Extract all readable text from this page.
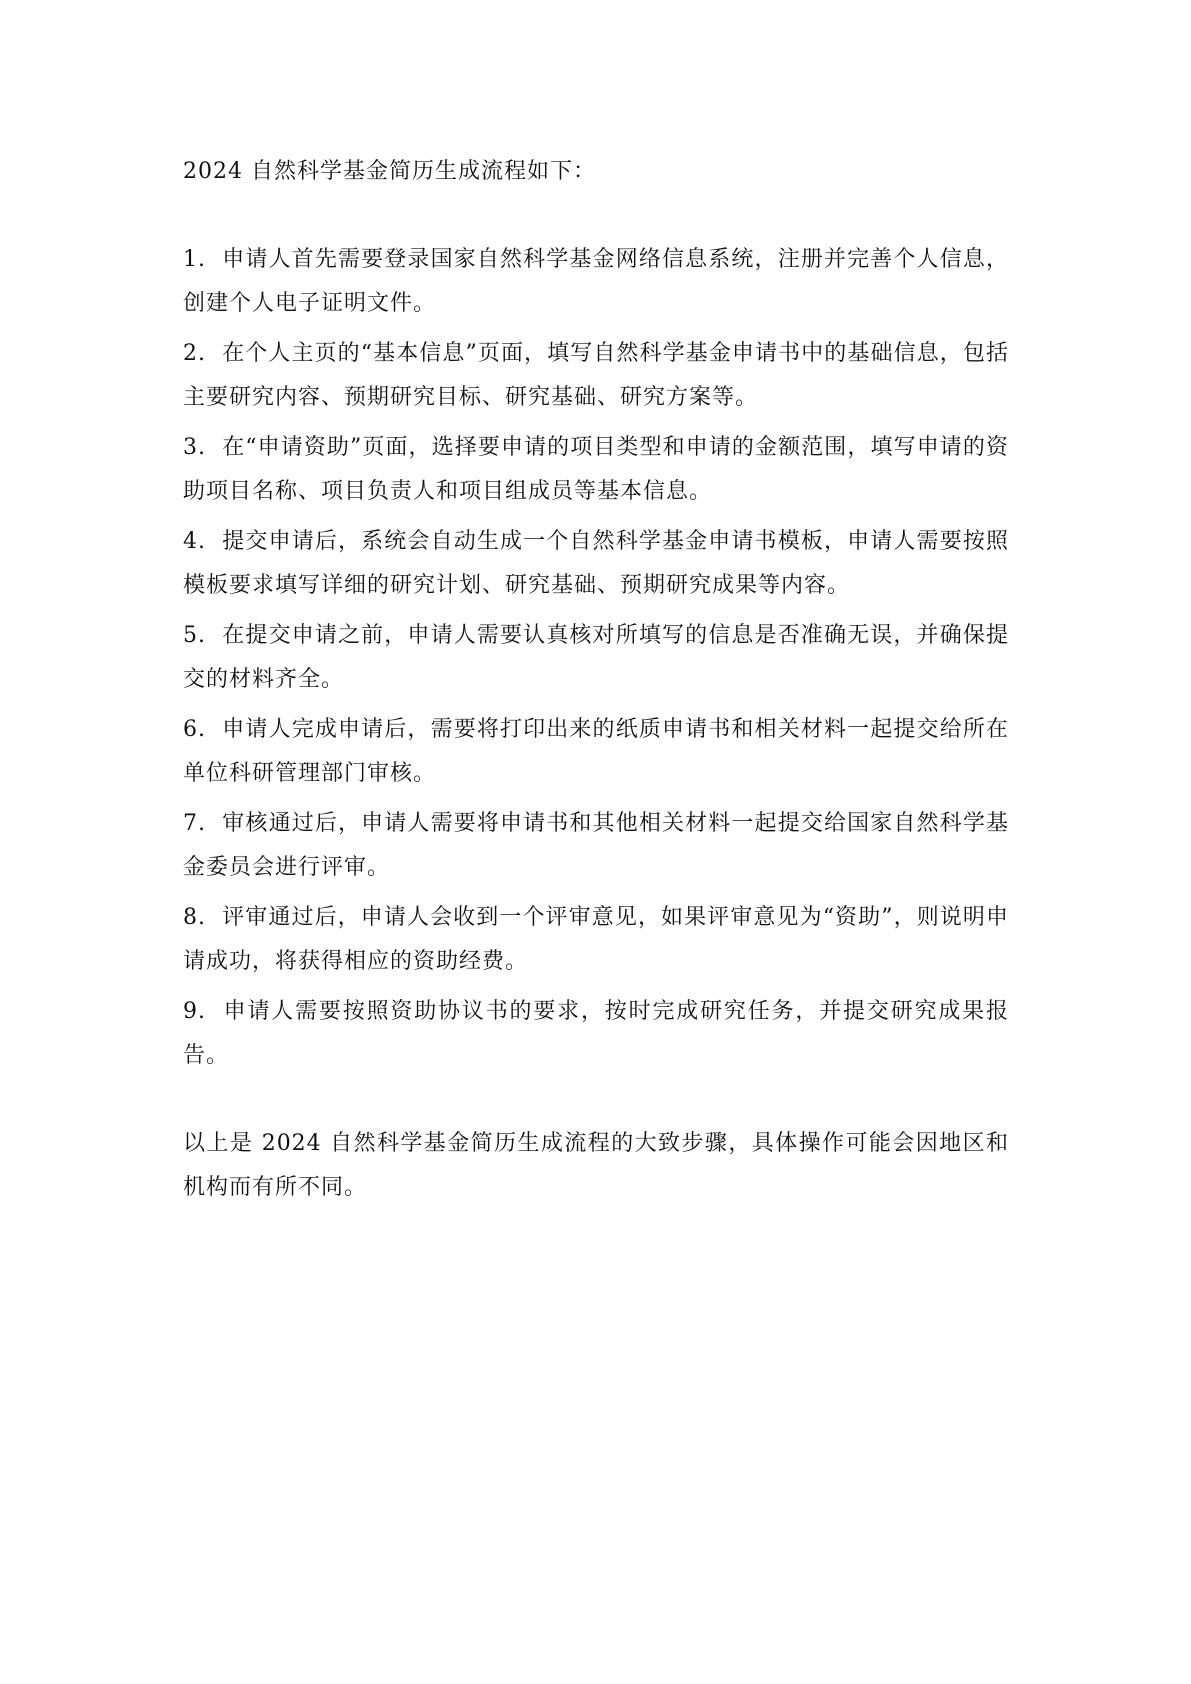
2024 自然科学基金简历生成流程如下：

1. 申请人首先需要登录国家自然科学基金网络信息系统，注册并完善个人信息，创建个人电子证明文件。
2. 在个人主页的“基本信息”页面，填写自然科学基金申请书中的基础信息，包括主要研究内容、预期研究目标、研究基础、研究方案等。
3. 在“申请资助”页面，选择要申请的项目类型和申请的金额范围，填写申请的资助项目名称、项目负责人和项目组成员等基本信息。
4. 提交申请后，系统会自动生成一个自然科学基金申请书模板，申请人需要按照模板要求填写详细的研究计划、研究基础、预期研究成果等内容。
5. 在提交申请之前，申请人需要认真核对所填写的信息是否准确无误，并确保提交的材料齐全。
6. 申请人完成申请后，需要将打印出来的纸质申请书和相关材料一起提交给所在单位科研管理部门审核。
7. 审核通过后，申请人需要将申请书和其他相关材料一起提交给国家自然科学基金委员会进行评审。
8. 评审通过后，申请人会收到一个评审意见，如果评审意见为“资助”，则说明申请成功，将获得相应的资助经费。
9. 申请人需要按照资助协议书的要求，按时完成研究任务，并提交研究成果报告。

以上是 2024 自然科学基金简历生成流程的大致步骤，具体操作可能会因地区和机构而有所不同。
